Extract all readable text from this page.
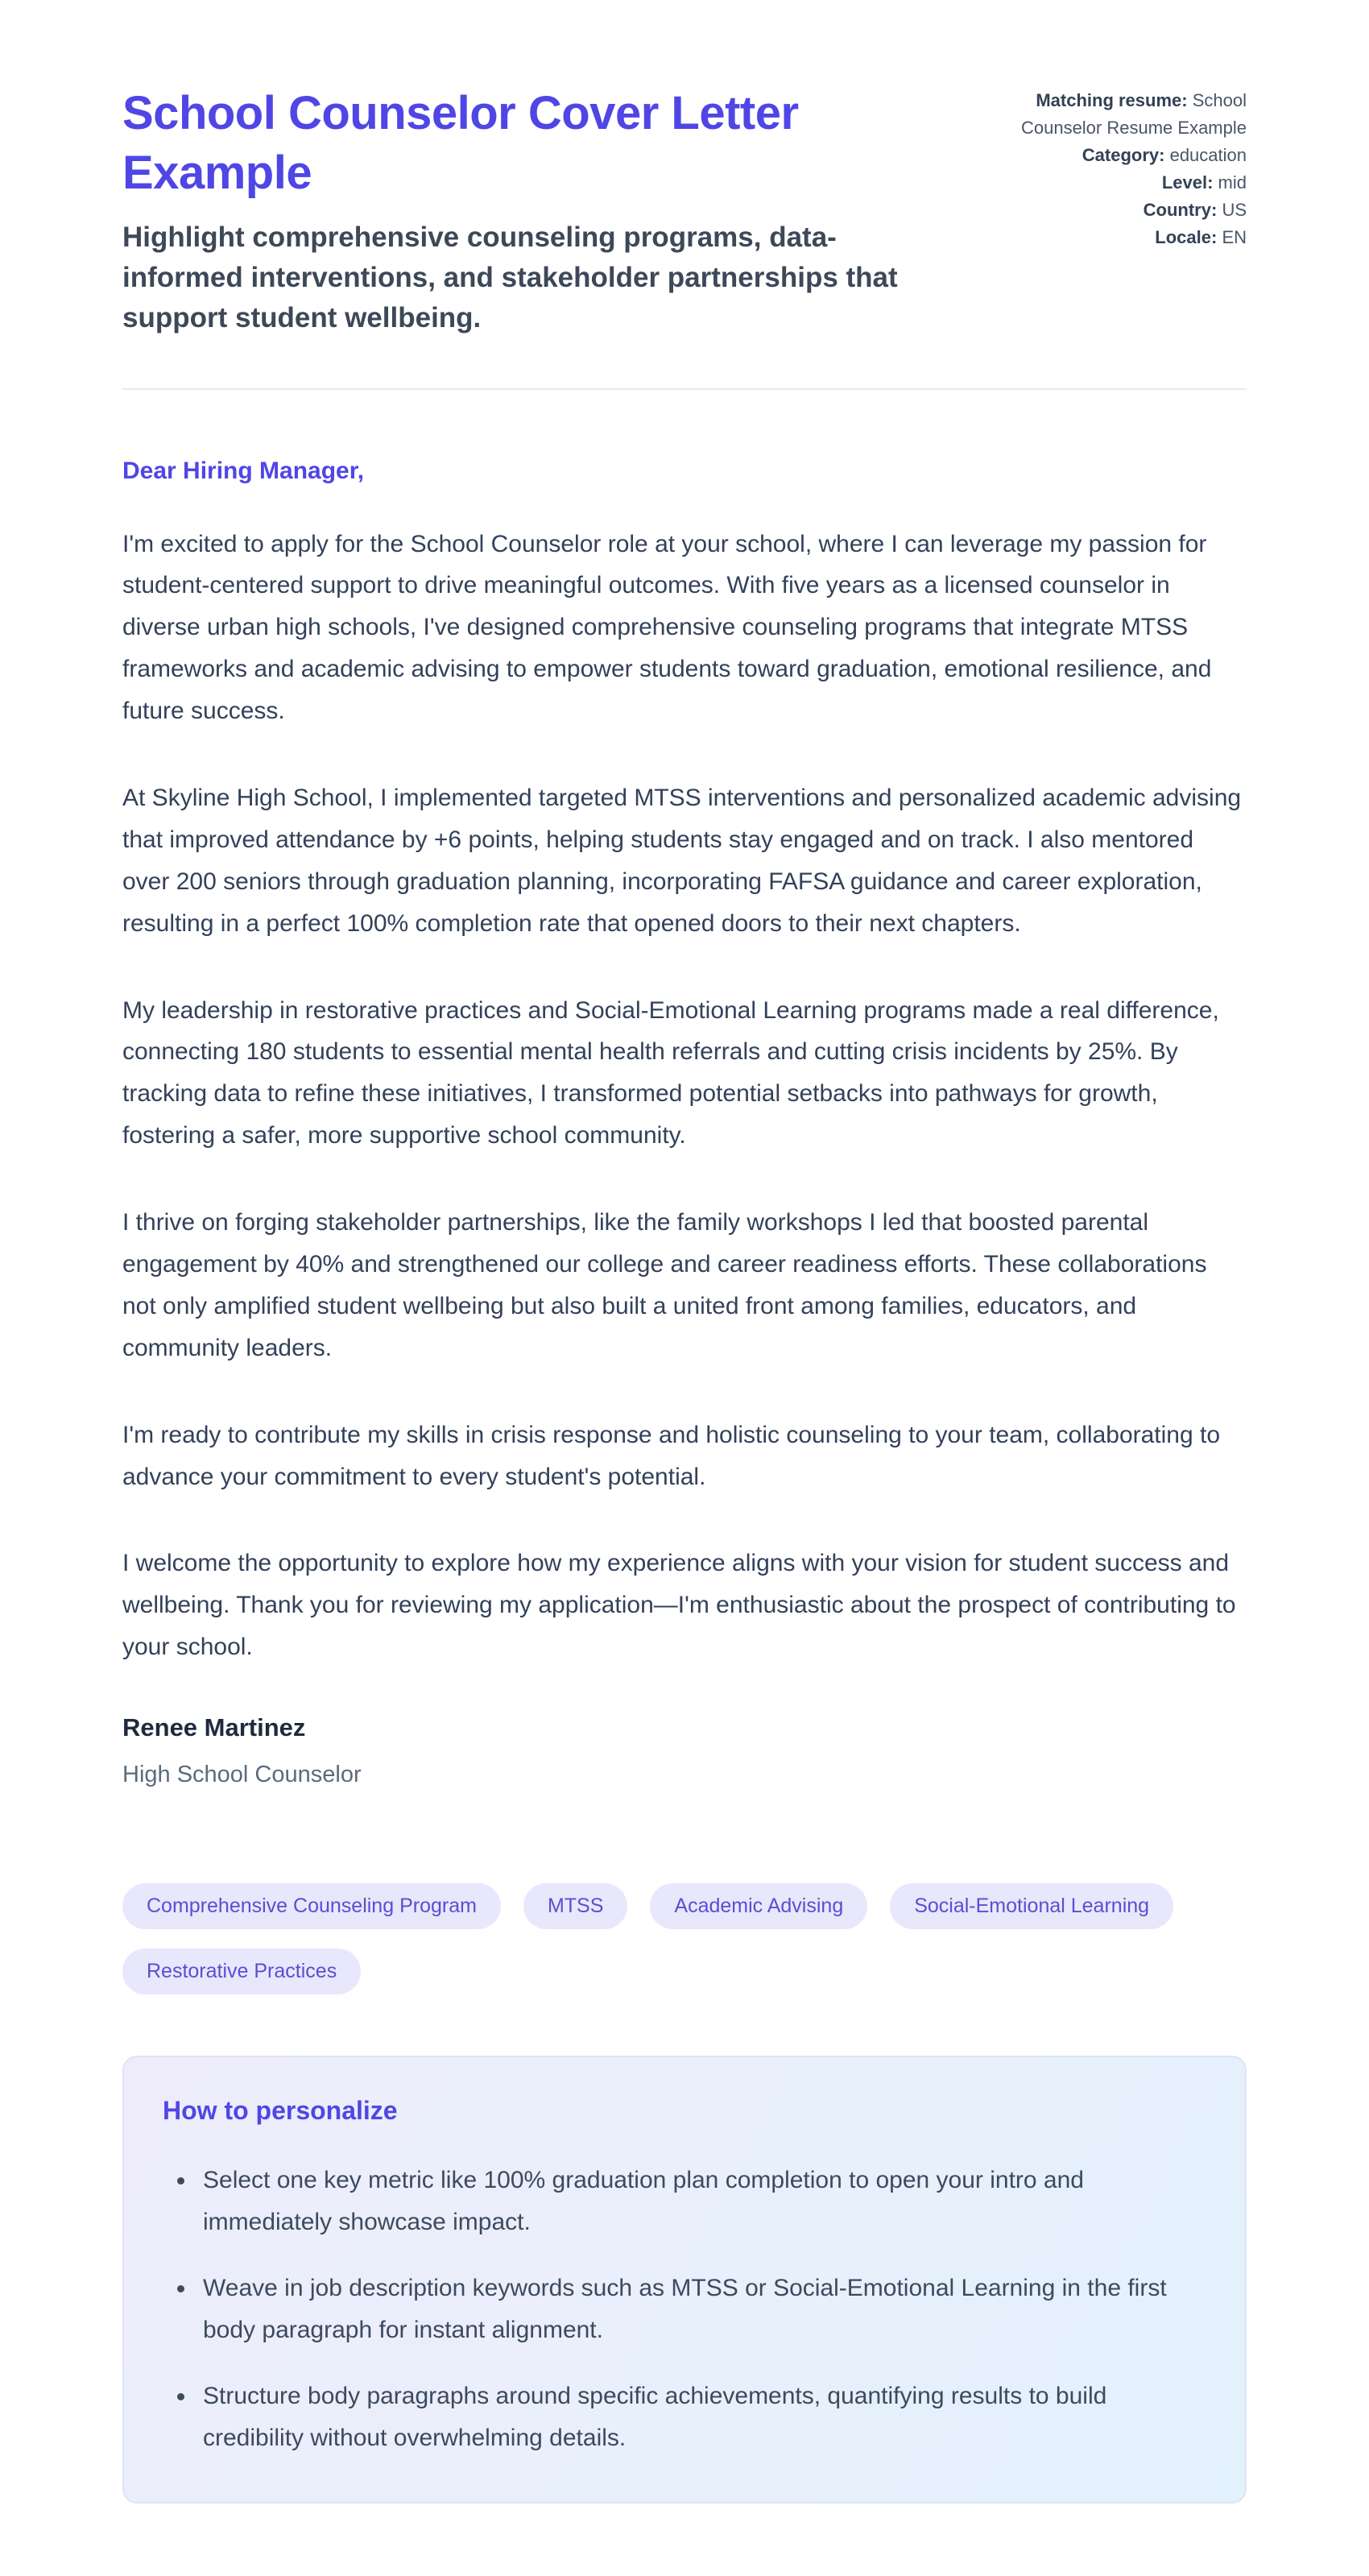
School Counselor Cover Letter Example

Highlight comprehensive counseling programs, data-informed interventions, and stakeholder partnerships that support student wellbeing.

Matching resume: School Counselor Resume Example
Category: education
Level: mid
Country: US
Locale: EN

Dear Hiring Manager,

I'm excited to apply for the School Counselor role at your school, where I can leverage my passion for student-centered support to drive meaningful outcomes. With five years as a licensed counselor in diverse urban high schools, I've designed comprehensive counseling programs that integrate MTSS frameworks and academic advising to empower students toward graduation, emotional resilience, and future success.

At Skyline High School, I implemented targeted MTSS interventions and personalized academic advising that improved attendance by +6 points, helping students stay engaged and on track. I also mentored over 200 seniors through graduation planning, incorporating FAFSA guidance and career exploration, resulting in a perfect 100% completion rate that opened doors to their next chapters.

My leadership in restorative practices and Social-Emotional Learning programs made a real difference, connecting 180 students to essential mental health referrals and cutting crisis incidents by 25%. By tracking data to refine these initiatives, I transformed potential setbacks into pathways for growth, fostering a safer, more supportive school community.

I thrive on forging stakeholder partnerships, like the family workshops I led that boosted parental engagement by 40% and strengthened our college and career readiness efforts. These collaborations not only amplified student wellbeing but also built a united front among families, educators, and community leaders.

I'm ready to contribute my skills in crisis response and holistic counseling to your team, collaborating to advance your commitment to every student's potential.

I welcome the opportunity to explore how my experience aligns with your vision for student success and wellbeing. Thank you for reviewing my application—I'm enthusiastic about the prospect of contributing to your school.

Renee Martinez

High School Counselor

Comprehensive Counseling Program	MTSS	Academic Advising	Social-Emotional Learning
Restorative Practices
How to personalize
• Select one key metric like 100% graduation plan completion to open your intro and immediately showcase impact.
• Weave in job description keywords such as MTSS or Social-Emotional Learning in the first body paragraph for instant alignment.
• Structure body paragraphs around specific achievements, quantifying results to build credibility without overwhelming details.
